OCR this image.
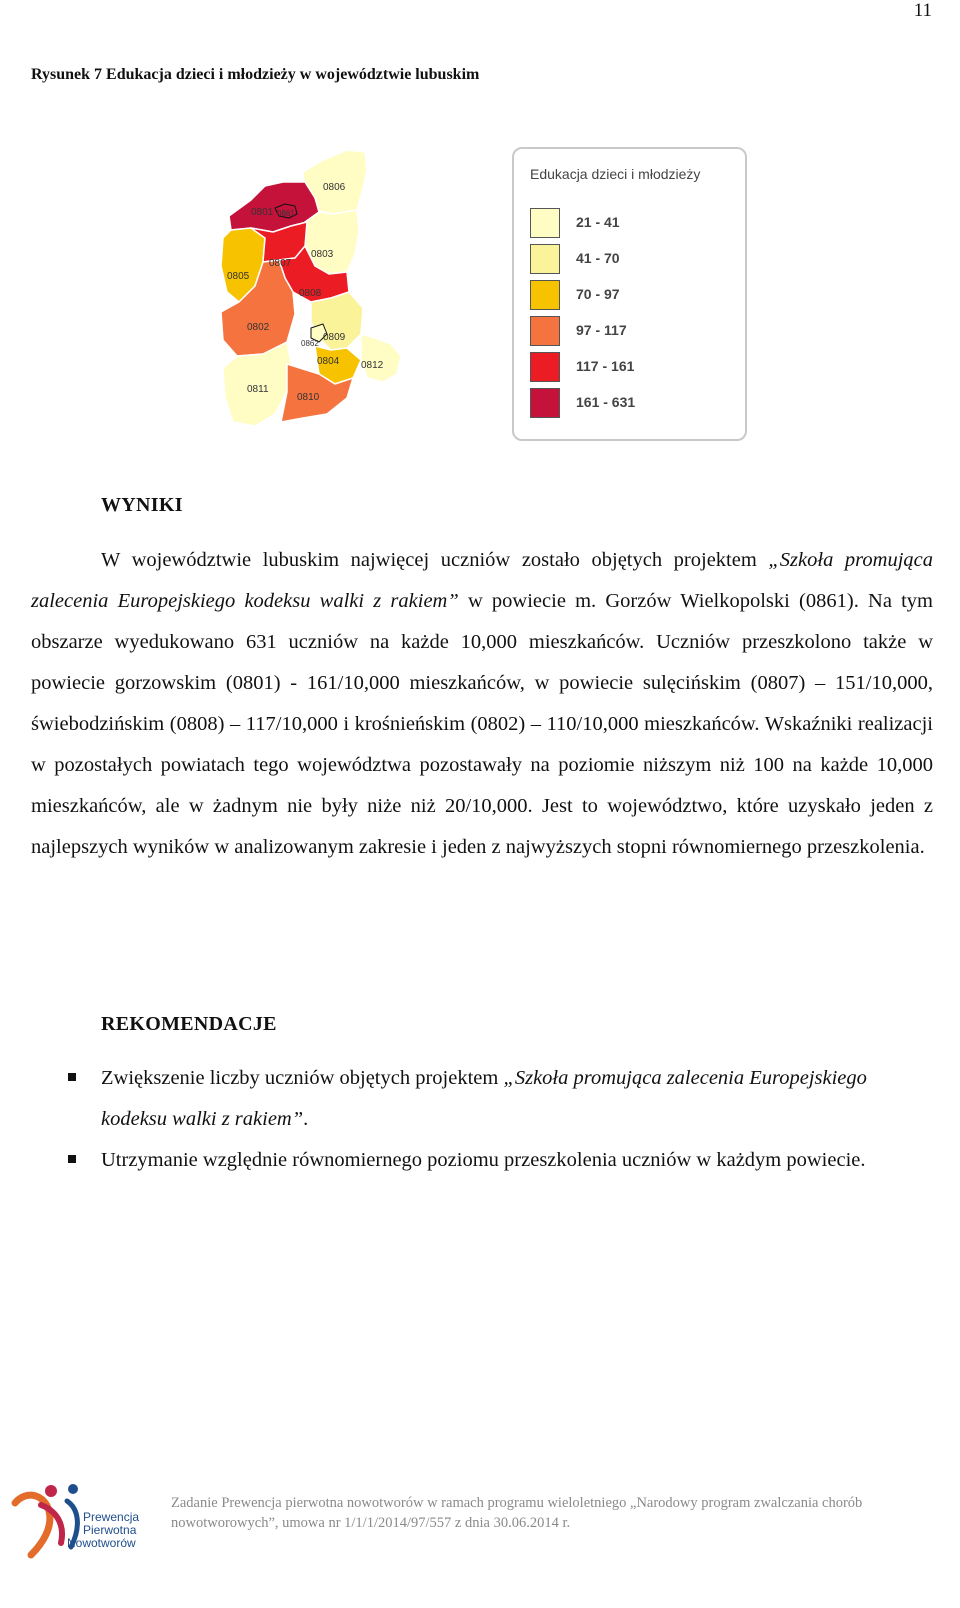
11
Rysunek 7 Edukacja dzieci i młodzieży w województwie lubuskim
0806
0801 0861
0803
0805
0807
0808
0802
0809
0862
0804 0812
0811
0810
Edukacja dzieci i młodzieży
21 - 41
41 - 70
70 - 97
97 - 117
117 - 161
161 - 631
WYNIKI

W województwie lubuskim najwięcej uczniów zostało objętych projektem „Szkoła promująca zalecenia Europejskiego kodeksu walki z rakiem” w powiecie m. Gorzów Wielkopolski (0861). Na tym obszarze wyedukowano 631 uczniów na każde 10,000 mieszkańców. Uczniów przeszkolono także w powiecie gorzowskim (0801) - 161/10,000 mieszkańców, w powiecie sulęcińskim (0807) – 151/10,000, świebodzińskim (0808) – 117/10,000 i krośnieńskim (0802) – 110/10,000 mieszkańców. Wskaźniki realizacji w pozostałych powiatach tego województwa pozostawały na poziomie niższym niż 100 na każde 10,000 mieszkańców, ale w żadnym nie były niże niż 20/10,000. Jest to województwo, które uzyskało jeden z najlepszych wyników w analizowanym zakresie i jeden z najwyższych stopni równomiernego przeszkolenia.

REKOMENDACJE
Zwiększenie liczby uczniów objętych projektem „Szkoła promująca zalecenia Europejskiego kodeksu walki z rakiem”.
Utrzymanie względnie równomiernego poziomu przeszkolenia uczniów w każdym powiecie.
Prewencja
Pierwotna
Nowotworów
Zadanie Prewencja pierwotna nowotworów w ramach programu wieloletniego „Narodowy program zwalczania chorób nowotworowych”, umowa nr 1/1/1/2014/97/557 z dnia 30.06.2014 r.
